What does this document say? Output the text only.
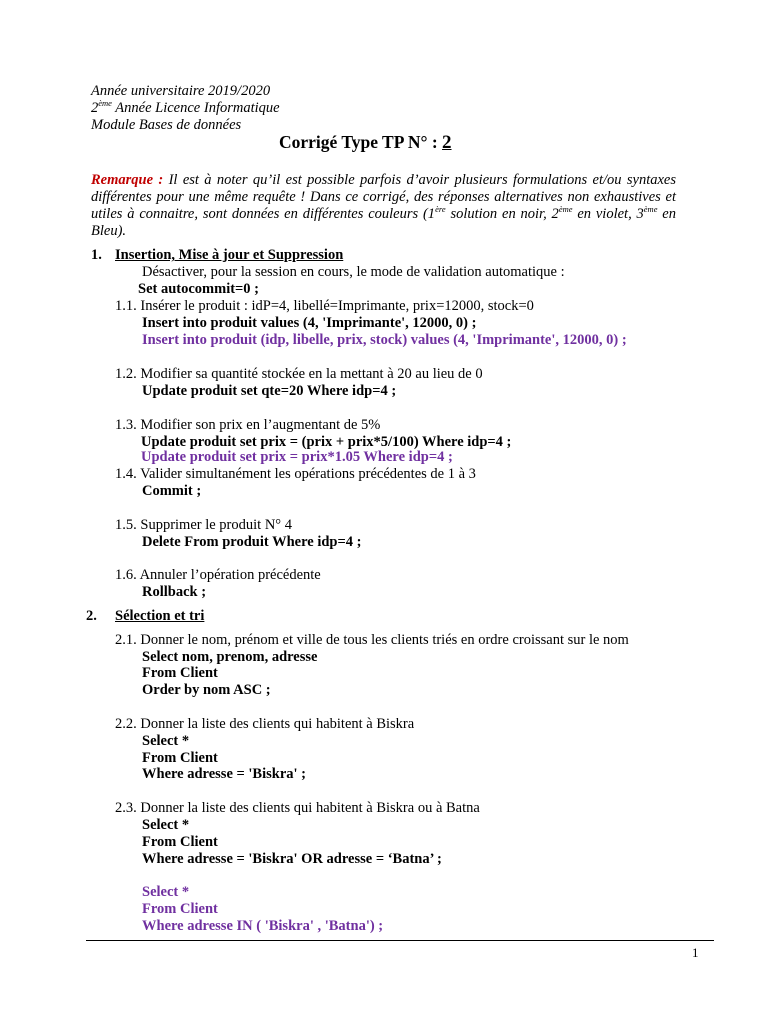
Année universitaire 2019/2020
2ème Année Licence Informatique
Module Bases de données
Corrigé Type TP N° : 2
Remarque : Il est à noter qu’il est possible parfois d’avoir plusieurs formulations et/ou syntaxes différentes pour une même requête ! Dans ce corrigé, des réponses alternatives non exhaustives et utiles à connaitre, sont données en différentes couleurs (1ère solution en noir, 2ème en violet, 3ème en Bleu).
1. Insertion, Mise à jour et Suppression
Désactiver, pour la session en cours, le mode de validation automatique :
Set autocommit=0 ;
1.1. Insérer le produit : idP=4, libellé=Imprimante, prix=12000, stock=0
Insert into produit values (4, 'Imprimante', 12000, 0) ;
Insert into produit (idp, libelle, prix, stock) values (4, 'Imprimante', 12000, 0) ;
1.2. Modifier sa quantité stockée en la mettant à 20 au lieu de 0
Update produit set qte=20 Where idp=4 ;
1.3. Modifier son prix en l’augmentant de 5%
Update produit set prix = (prix + prix*5/100) Where idp=4 ;
Update produit set prix = prix*1.05 Where idp=4 ;
1.4. Valider simultanément les opérations précédentes de 1 à 3
Commit ;
1.5. Supprimer le produit N° 4
Delete From produit Where idp=4 ;
1.6. Annuler l’opération précédente
Rollback ;
2. Sélection et tri
2.1. Donner le nom, prénom et ville de tous les clients triés en ordre croissant sur le nom
Select nom, prenom, adresse
From Client
Order by nom ASC ;
2.2. Donner la liste des clients qui habitent à Biskra
Select *
From Client
Where adresse = 'Biskra' ;
2.3. Donner la liste des clients qui habitent à Biskra ou à Batna
Select *
From Client
Where adresse = 'Biskra' OR adresse = ‘Batna’ ;
Select *
From Client
Where adresse IN ( 'Biskra' , 'Batna') ;
1
